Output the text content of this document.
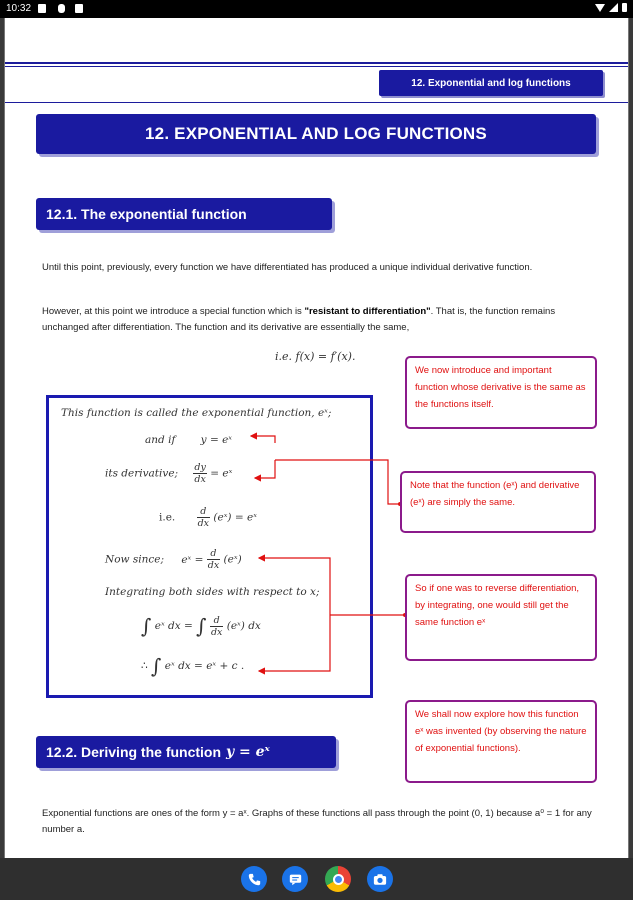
10:32
12. Exponential and log functions
12. EXPONENTIAL AND LOG FUNCTIONS
12.1. The exponential function
Until this point, previously, every function we have differentiated has produced a unique individual derivative function.
However, at this point we introduce a special function which is "resistant to differentiation". That is, the function remains unchanged after differentiation. The function and its derivative are essentially the same,
i.e. f(x) = f′(x).
This function is called the exponential function, eˣ;
and if y = eˣ
its derivative; $\frac{dy}{dx}$ = eˣ
i.e. $\frac{d}{dx}$ (eˣ) = eˣ
Now since; eˣ = $\frac{d}{dx}$ (eˣ)
Integrating both sides with respect to x;
∫ eˣ dx = ∫ $\frac{d}{dx}$ (eˣ) dx
∴ ∫ eˣ dx = eˣ + c .
We now introduce and important function whose derivative is the same as the functions itself.
Note that the function (eˣ) and derivative (eˣ) are simply the same.
So if one was to reverse differentiation, by integrating, one would still get the same function eˣ
We shall now explore how this function eˣ was invented (by observing the nature of exponential functions).
12.2. Deriving the function y = eˣ
Exponential functions are ones of the form y = aˣ. Graphs of these functions all pass through the point (0, 1) because a⁰ = 1 for any number a.
